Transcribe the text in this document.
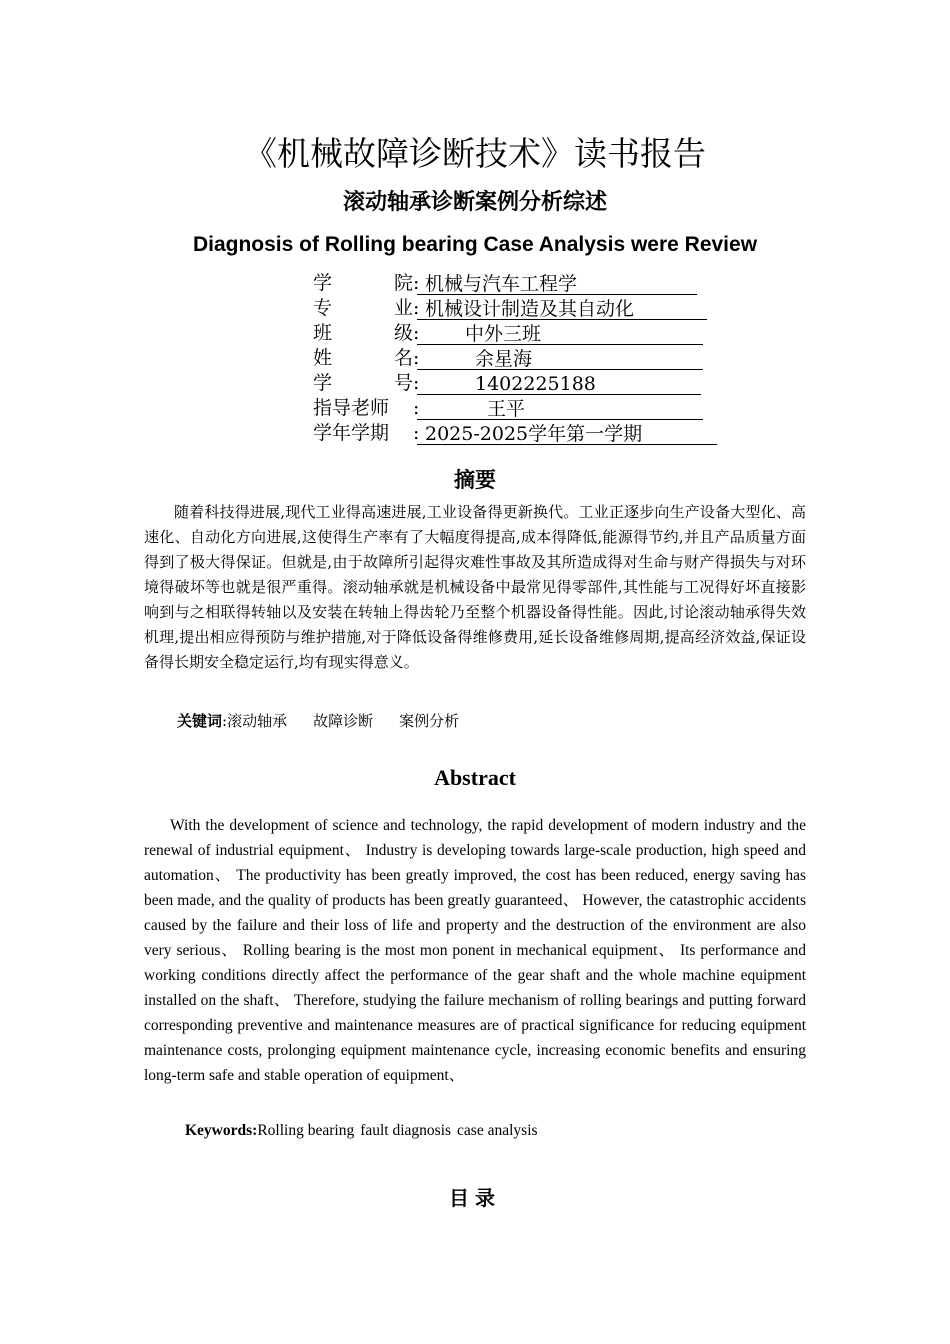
《机械故障诊断技术》读书报告
滚动轴承诊断案例分析综述
Diagnosis of Rolling bearing Case Analysis were Review
学	院 : 机械与汽车工程学
专	业 : 机械设计制造及其自动化
班	级 :	中外三班
姓	名 :	余星海
学	号 :	1402225188
指导老师 :	王平
学年学期 : 2025-2025学年第一学期
摘要

随着科技得进展,现代工业得高速进展,工业设备得更新换代。工业正逐步向生产设备大型化、高速化、自动化方向进展,这使得生产率有了大幅度得提高,成本得降低,能源得节约,并且产品质量方面得到了极大得保证。但就是,由于故障所引起得灾难性事故及其所造成得对生命与财产得损失与对环境得破坏等也就是很严重得。滚动轴承就是机械设备中最常见得零部件,其性能与工况得好坏直接影响到与之相联得转轴以及安装在转轴上得齿轮乃至整个机器设备得性能。因此,讨论滚动轴承得失效机理,提出相应得预防与维护措施,对于降低设备得维修费用,延长设备维修周期,提高经济效益,保证设备得长期安全稳定运行,均有现实得意义。

关键词:滚动轴承 故障诊断 案例分析

Abstract

With the development of science and technology, the rapid development of modern industry and the renewal of industrial equipment、 Industry is developing towards large-scale production, high speed and automation、 The productivity has been greatly improved, the cost has been reduced, energy saving has been made, and the quality of products has been greatly guaranteed、 However, the catastrophic accidents caused by the failure and their loss of life and property and the destruction of the environment are also very serious、 Rolling bearing is the most mon ponent in mechanical equipment、 Its performance and working conditions directly affect the performance of the gear shaft and the whole machine equipment installed on the shaft、 Therefore, studying the failure mechanism of rolling bearings and putting forward corresponding preventive and maintenance measures are of practical significance for reducing equipment maintenance costs, prolonging equipment maintenance cycle, increasing economic benefits and ensuring long-term safe and stable operation of equipment、

Keywords:Rolling bearing fault diagnosis case analysis

目录
